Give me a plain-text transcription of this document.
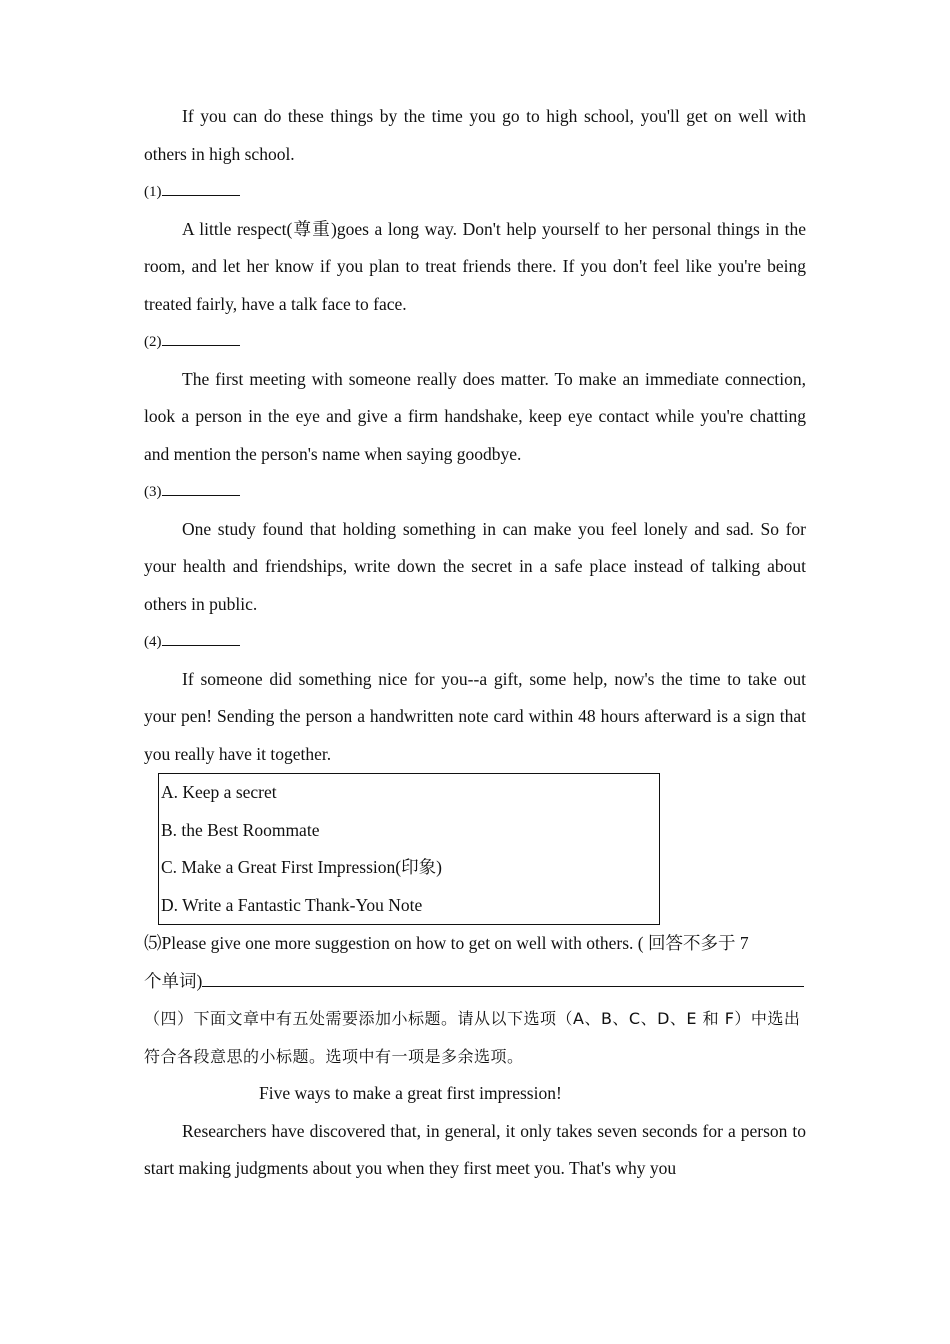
If you can do these things by the time you go to high school, you'll get on well with others in high school.

(1)

A little respect(尊重)goes a long way. Don't help yourself to her personal things in the room, and let her know if you plan to treat friends there. If you don't feel like you're being treated fairly, have a talk face to face.

(2)

The first meeting with someone really does matter. To make an immediate connection, look a person in the eye and give a firm handshake, keep eye contact while you're chatting and mention the person's name when saying goodbye.

(3)

One study found that holding something in can make you feel lonely and sad. So for your health and friendships, write down the secret in a safe place instead of talking about others in public.

(4)

If someone did something nice for you--a gift, some help, now's the time to take out your pen! Sending the person a handwritten note card within 48 hours afterward is a sign that you really have it together.

A. Keep a secret

B. the Best Roommate

C. Make a Great First Impression(印象)

D. Write a Fantastic Thank-You Note

⑸Please give one more suggestion on how to get on well with others. ( 回答不多于 7

个单词)

（四）下面文章中有五处需要添加小标题。请从以下选项（A、B、C、D、E 和 F）中选出符合各段意思的小标题。选项中有一项是多余选项。

Five ways to make a great first impression!

Researchers have discovered that, in general, it only takes seven seconds for a person to start making judgments about you when they first meet you. That's why you
